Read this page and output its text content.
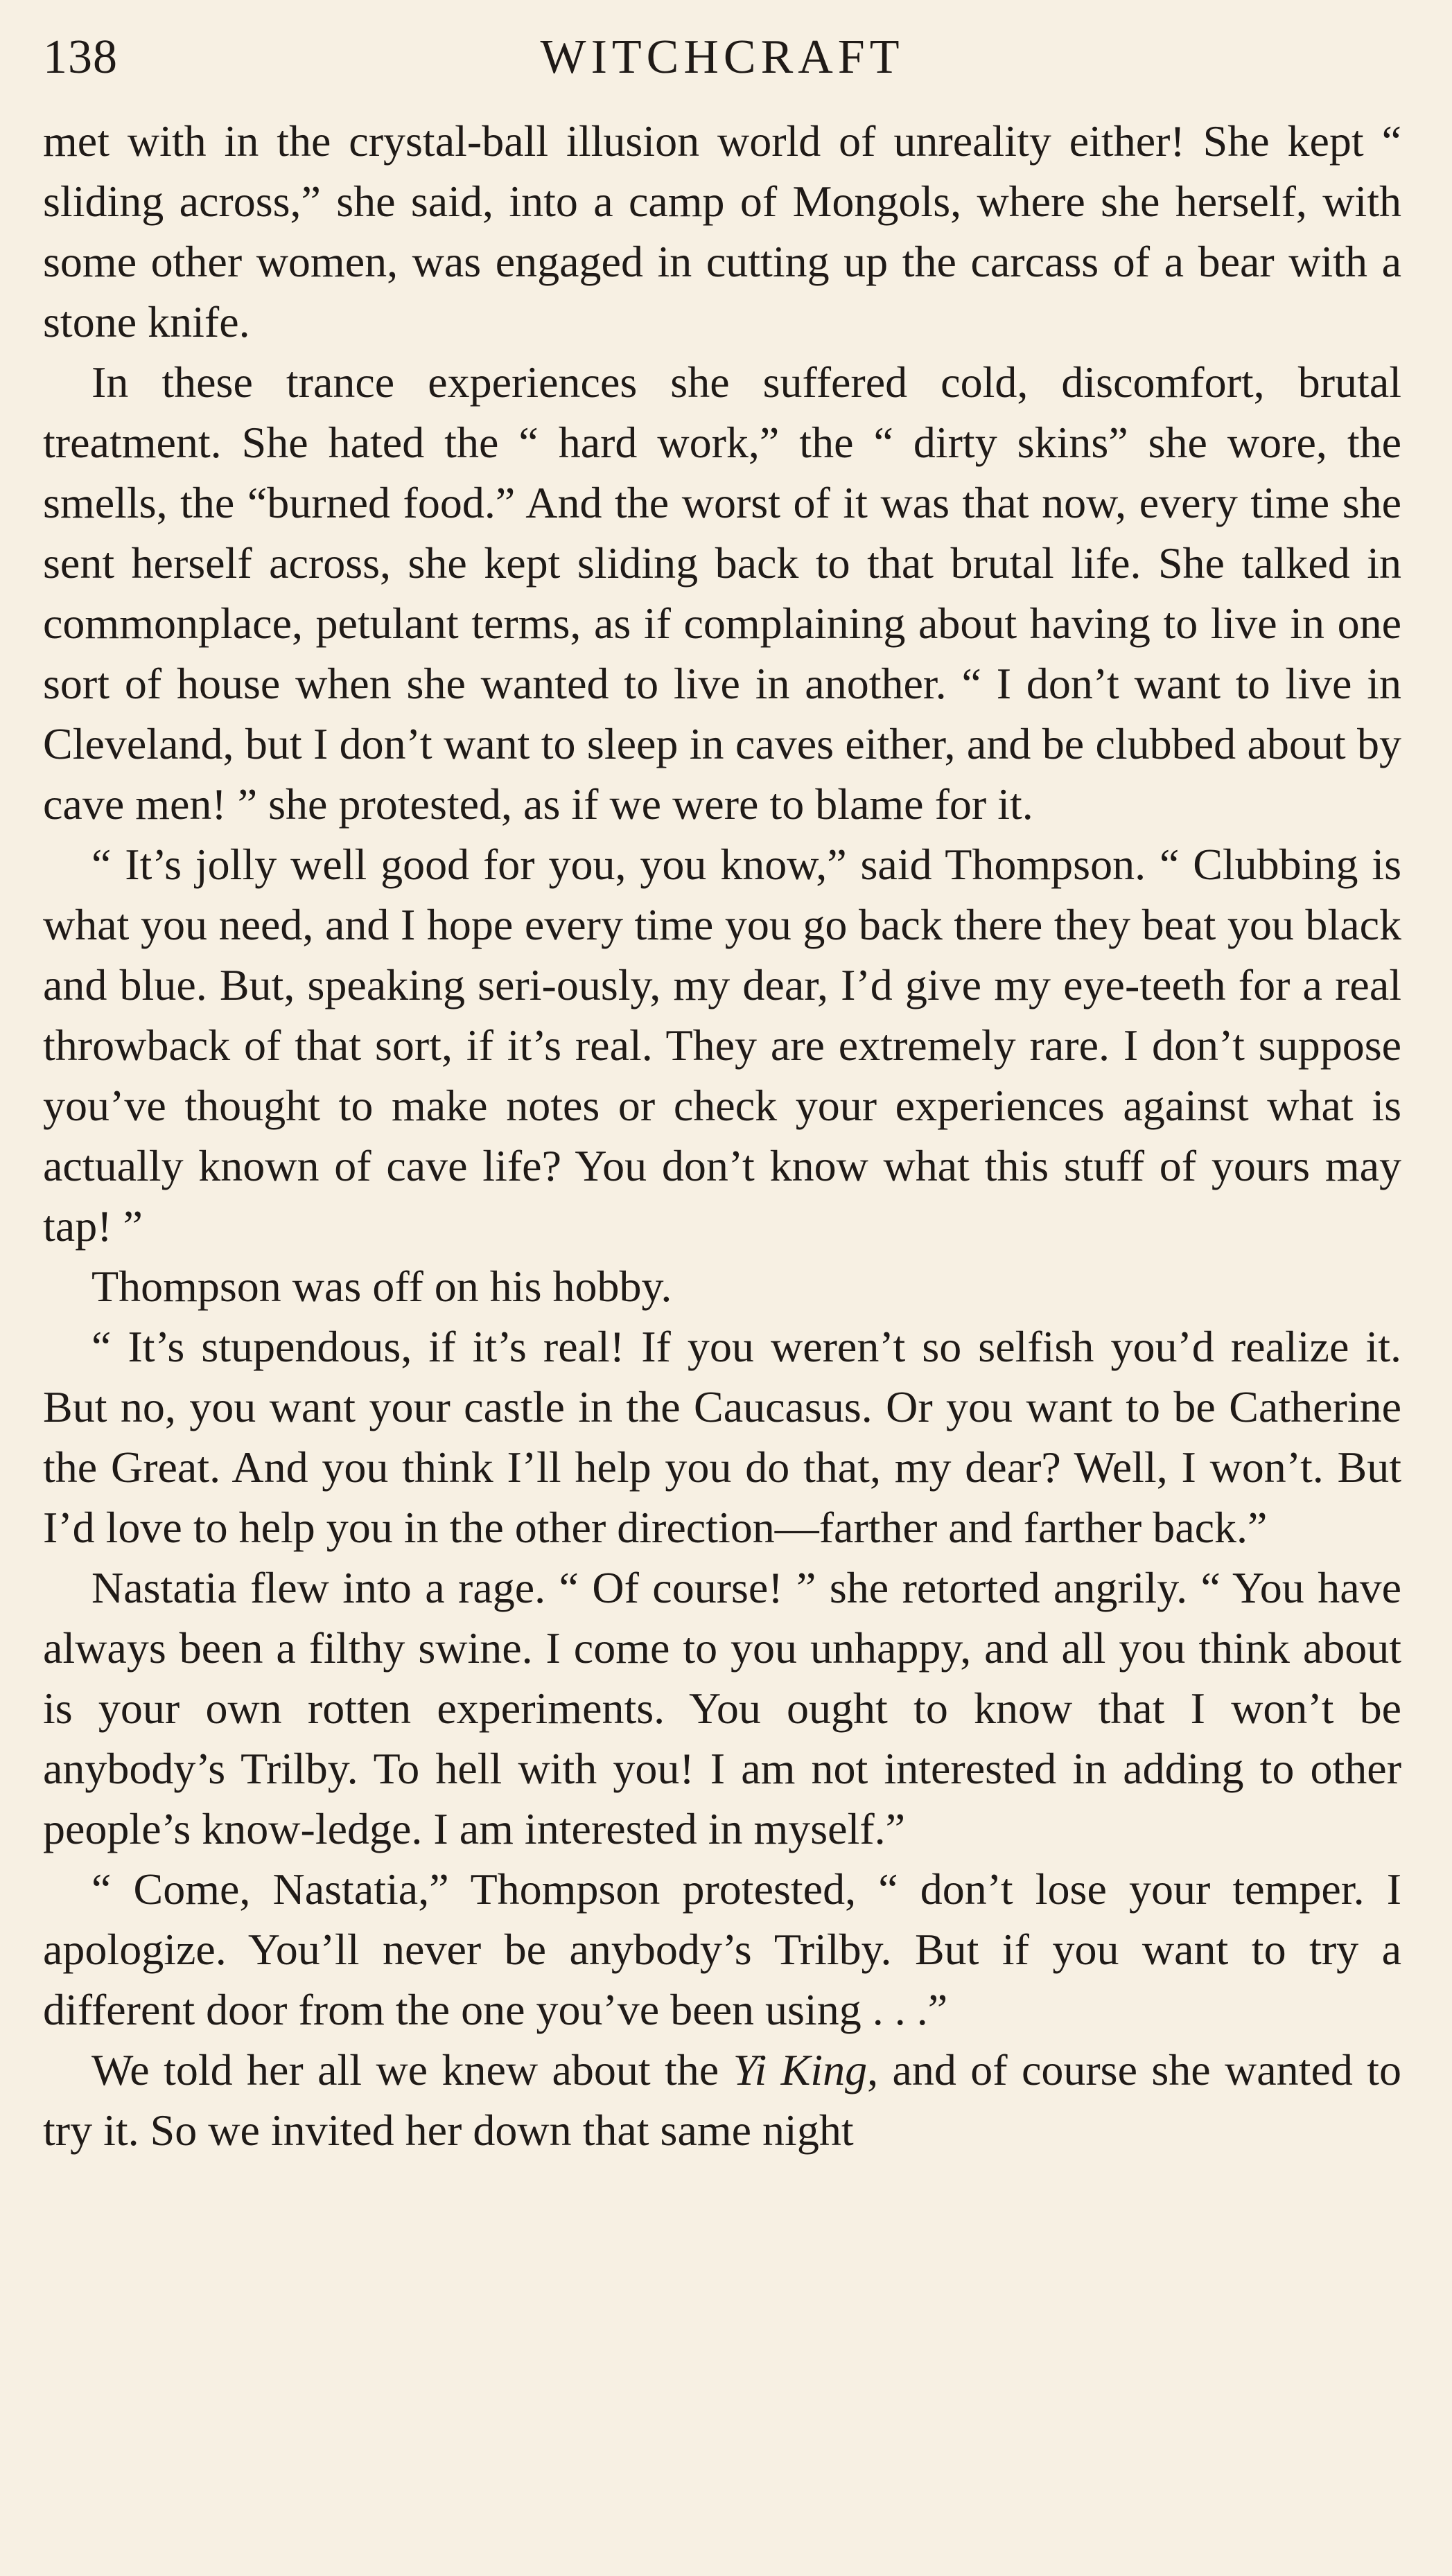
138	WITCHCRAFT

met with in the crystal-ball illusion world of unreality either! She kept “ sliding across,” she said, into a camp of Mongols, where she herself, with some other women, was engaged in cutting up the carcass of a bear with a stone knife.

In these trance experiences she suffered cold, discomfort, brutal treatment. She hated the “ hard work,” the “ dirty skins” she wore, the smells, the “burned food.” And the worst of it was that now, every time she sent herself across, she kept sliding back to that brutal life. She talked in commonplace, petulant terms, as if complaining about having to live in one sort of house when she wanted to live in another. “ I don’t want to live in Cleveland, but I don’t want to sleep in caves either, and be clubbed about by cave men! ” she protested, as if we were to blame for it.

“ It’s jolly well good for you, you know,” said Thompson. “ Clubbing is what you need, and I hope every time you go back there they beat you black and blue. But, speaking seri-ously, my dear, I’d give my eye-teeth for a real throwback of that sort, if it’s real. They are extremely rare. I don’t suppose you’ve thought to make notes or check your experiences against what is actually known of cave life? You don’t know what this stuff of yours may tap! ”

Thompson was off on his hobby.

“ It’s stupendous, if it’s real! If you weren’t so selfish you’d realize it. But no, you want your castle in the Caucasus. Or you want to be Catherine the Great. And you think I’ll help you do that, my dear? Well, I won’t. But I’d love to help you in the other direction—farther and farther back.”

Nastatia flew into a rage. “ Of course! ” she retorted angrily. “ You have always been a filthy swine. I come to you unhappy, and all you think about is your own rotten experiments. You ought to know that I won’t be anybody’s Trilby. To hell with you! I am not interested in adding to other people’s know-ledge. I am interested in myself.”

“ Come, Nastatia,” Thompson protested, “ don’t lose your temper. I apologize. You’ll never be anybody’s Trilby. But if you want to try a different door from the one you’ve been using . . .”

We told her all we knew about the Yi King, and of course she wanted to try it. So we invited her down that same night
